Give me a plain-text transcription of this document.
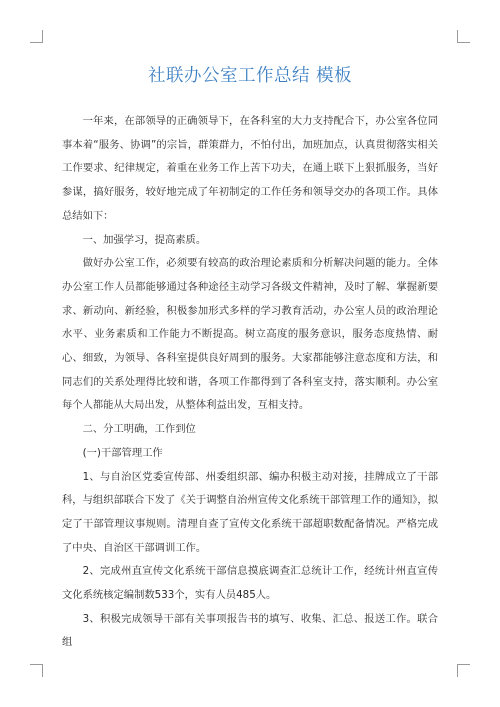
社联办公室工作总结 模板

一年来，在部领导的正确领导下，在各科室的大力支持配合下，办公室各位同事本着“服务、协调”的宗旨，群策群力，不怕付出，加班加点，认真贯彻落实相关工作要求、纪律规定，着重在业务工作上苦下功夫，在通上联下上狠抓服务，当好参谋，搞好服务，较好地完成了年初制定的工作任务和领导交办的各项工作。具体总结如下：

一、加强学习，提高素质。

做好办公室工作，必须要有较高的政治理论素质和分析解决问题的能力。全体办公室工作人员都能够通过各种途径主动学习各级文件精神，及时了解、掌握新要求、新动向、新经验，积极参加形式多样的学习教育活动，办公室人员的政治理论水平、业务素质和工作能力不断提高。树立高度的服务意识，服务态度热情、耐心、细致，为领导、各科室提供良好周到的服务。大家都能够注意态度和方法，和同志们的关系处理得比较和谐，各项工作都得到了各科室支持，落实顺利。办公室每个人都能从大局出发，从整体利益出发，互相支持。

二、分工明确，工作到位

(一)干部管理工作

1、与自治区党委宣传部、州委组织部、编办积极主动对接，挂牌成立了干部科，与组织部联合下发了《关于调整自治州宣传文化系统干部管理工作的通知》，拟定了干部管理议事规则。清理自查了宣传文化系统干部超职数配备情况。严格完成了中央、自治区干部调训工作。

2、完成州直宣传文化系统干部信息摸底调查汇总统计工作，经统计州直宣传文化系统核定编制数533个，实有人员485人。

3、积极完成领导干部有关事项报告书的填写、收集、汇总、报送工作。联合组
